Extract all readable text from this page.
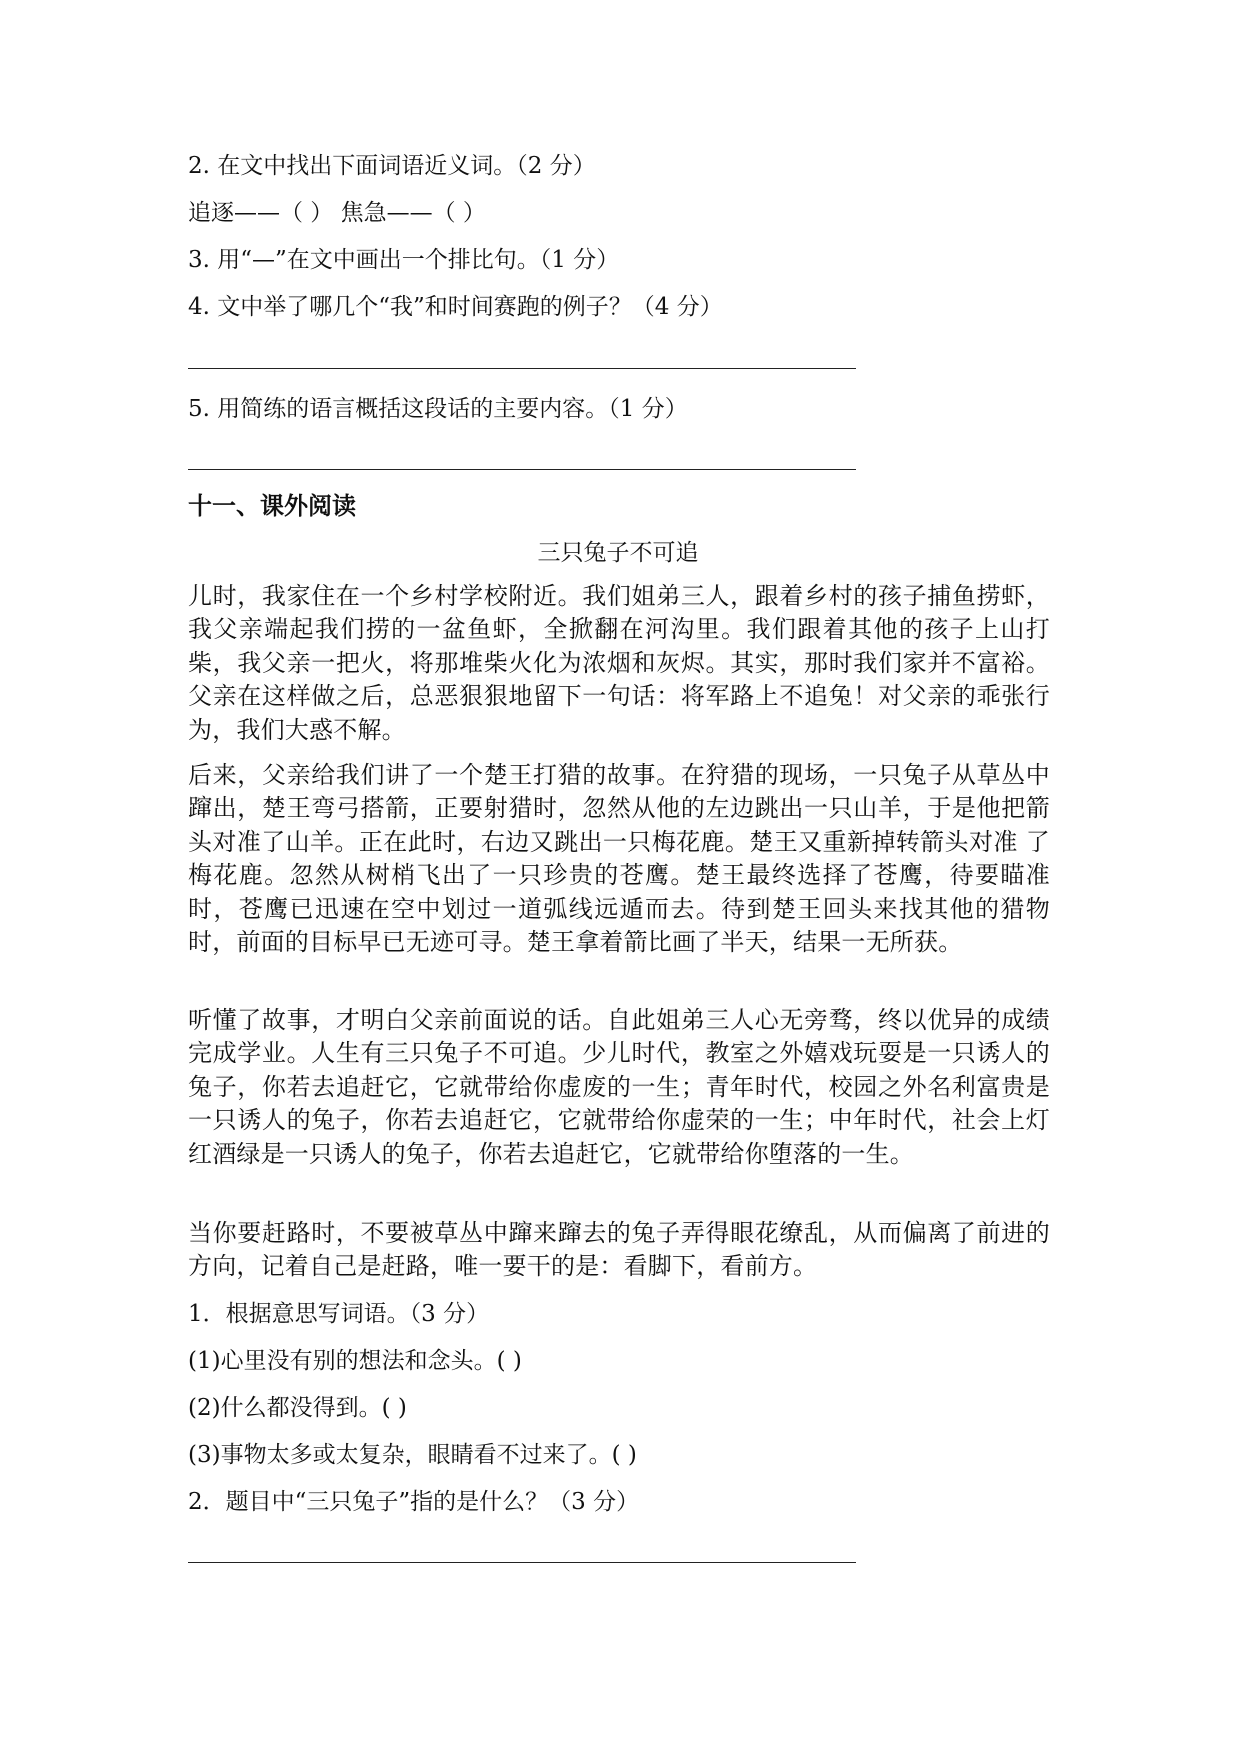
2. 在文中找出下面词语近义词。（2 分）
追逐——（ ） 焦急——（ ）
3. 用“—”在文中画出一个排比句。（1 分）
4. 文中举了哪几个“我”和时间赛跑的例子？（4 分）
5. 用简练的语言概括这段话的主要内容。（1 分）
十一、课外阅读
三只兔子不可追
儿时，我家住在一个乡村学校附近。我们姐弟三人，跟着乡村的孩子捕鱼捞虾，我父亲端起我们捞的一盆鱼虾，全掀翻在河沟里。我们跟着其他的孩子上山打柴，我父亲一把火，将那堆柴火化为浓烟和灰烬。其实，那时我们家并不富裕。父亲在这样做之后，总恶狠狠地留下一句话：将军路上不追兔！对父亲的乖张行为，我们大惑不解。
后来，父亲给我们讲了一个楚王打猎的故事。在狩猎的现场，一只兔子从草丛中蹿出，楚王弯弓搭箭，正要射猎时，忽然从他的左边跳出一只山羊，于是他把箭头对准了山羊。正在此时，右边又跳出一只梅花鹿。楚王又重新掉转箭头对准 了梅花鹿。忽然从树梢飞出了一只珍贵的苍鹰。楚王最终选择了苍鹰，待要瞄准时，苍鹰已迅速在空中划过一道弧线远遁而去。待到楚王回头来找其他的猎物时，前面的目标早已无迹可寻。楚王拿着箭比画了半天，结果一无所获。
听懂了故事，才明白父亲前面说的话。自此姐弟三人心无旁骛，终以优异的成绩完成学业。人生有三只兔子不可追。少儿时代，教室之外嬉戏玩耍是一只诱人的兔子，你若去追赶它，它就带给你虚废的一生；青年时代，校园之外名利富贵是一只诱人的兔子，你若去追赶它，它就带给你虚荣的一生；中年时代，社会上灯红酒绿是一只诱人的兔子，你若去追赶它，它就带给你堕落的一生。
当你要赶路时，不要被草丛中蹿来蹿去的兔子弄得眼花缭乱，从而偏离了前进的方向，记着自己是赶路，唯一要干的是：看脚下，看前方。
1．根据意思写词语。（3 分）
(1)心里没有别的想法和念头。( )
(2)什么都没得到。( )
(3)事物太多或太复杂，眼睛看不过来了。( )
2．题目中“三只兔子”指的是什么？（3 分）
